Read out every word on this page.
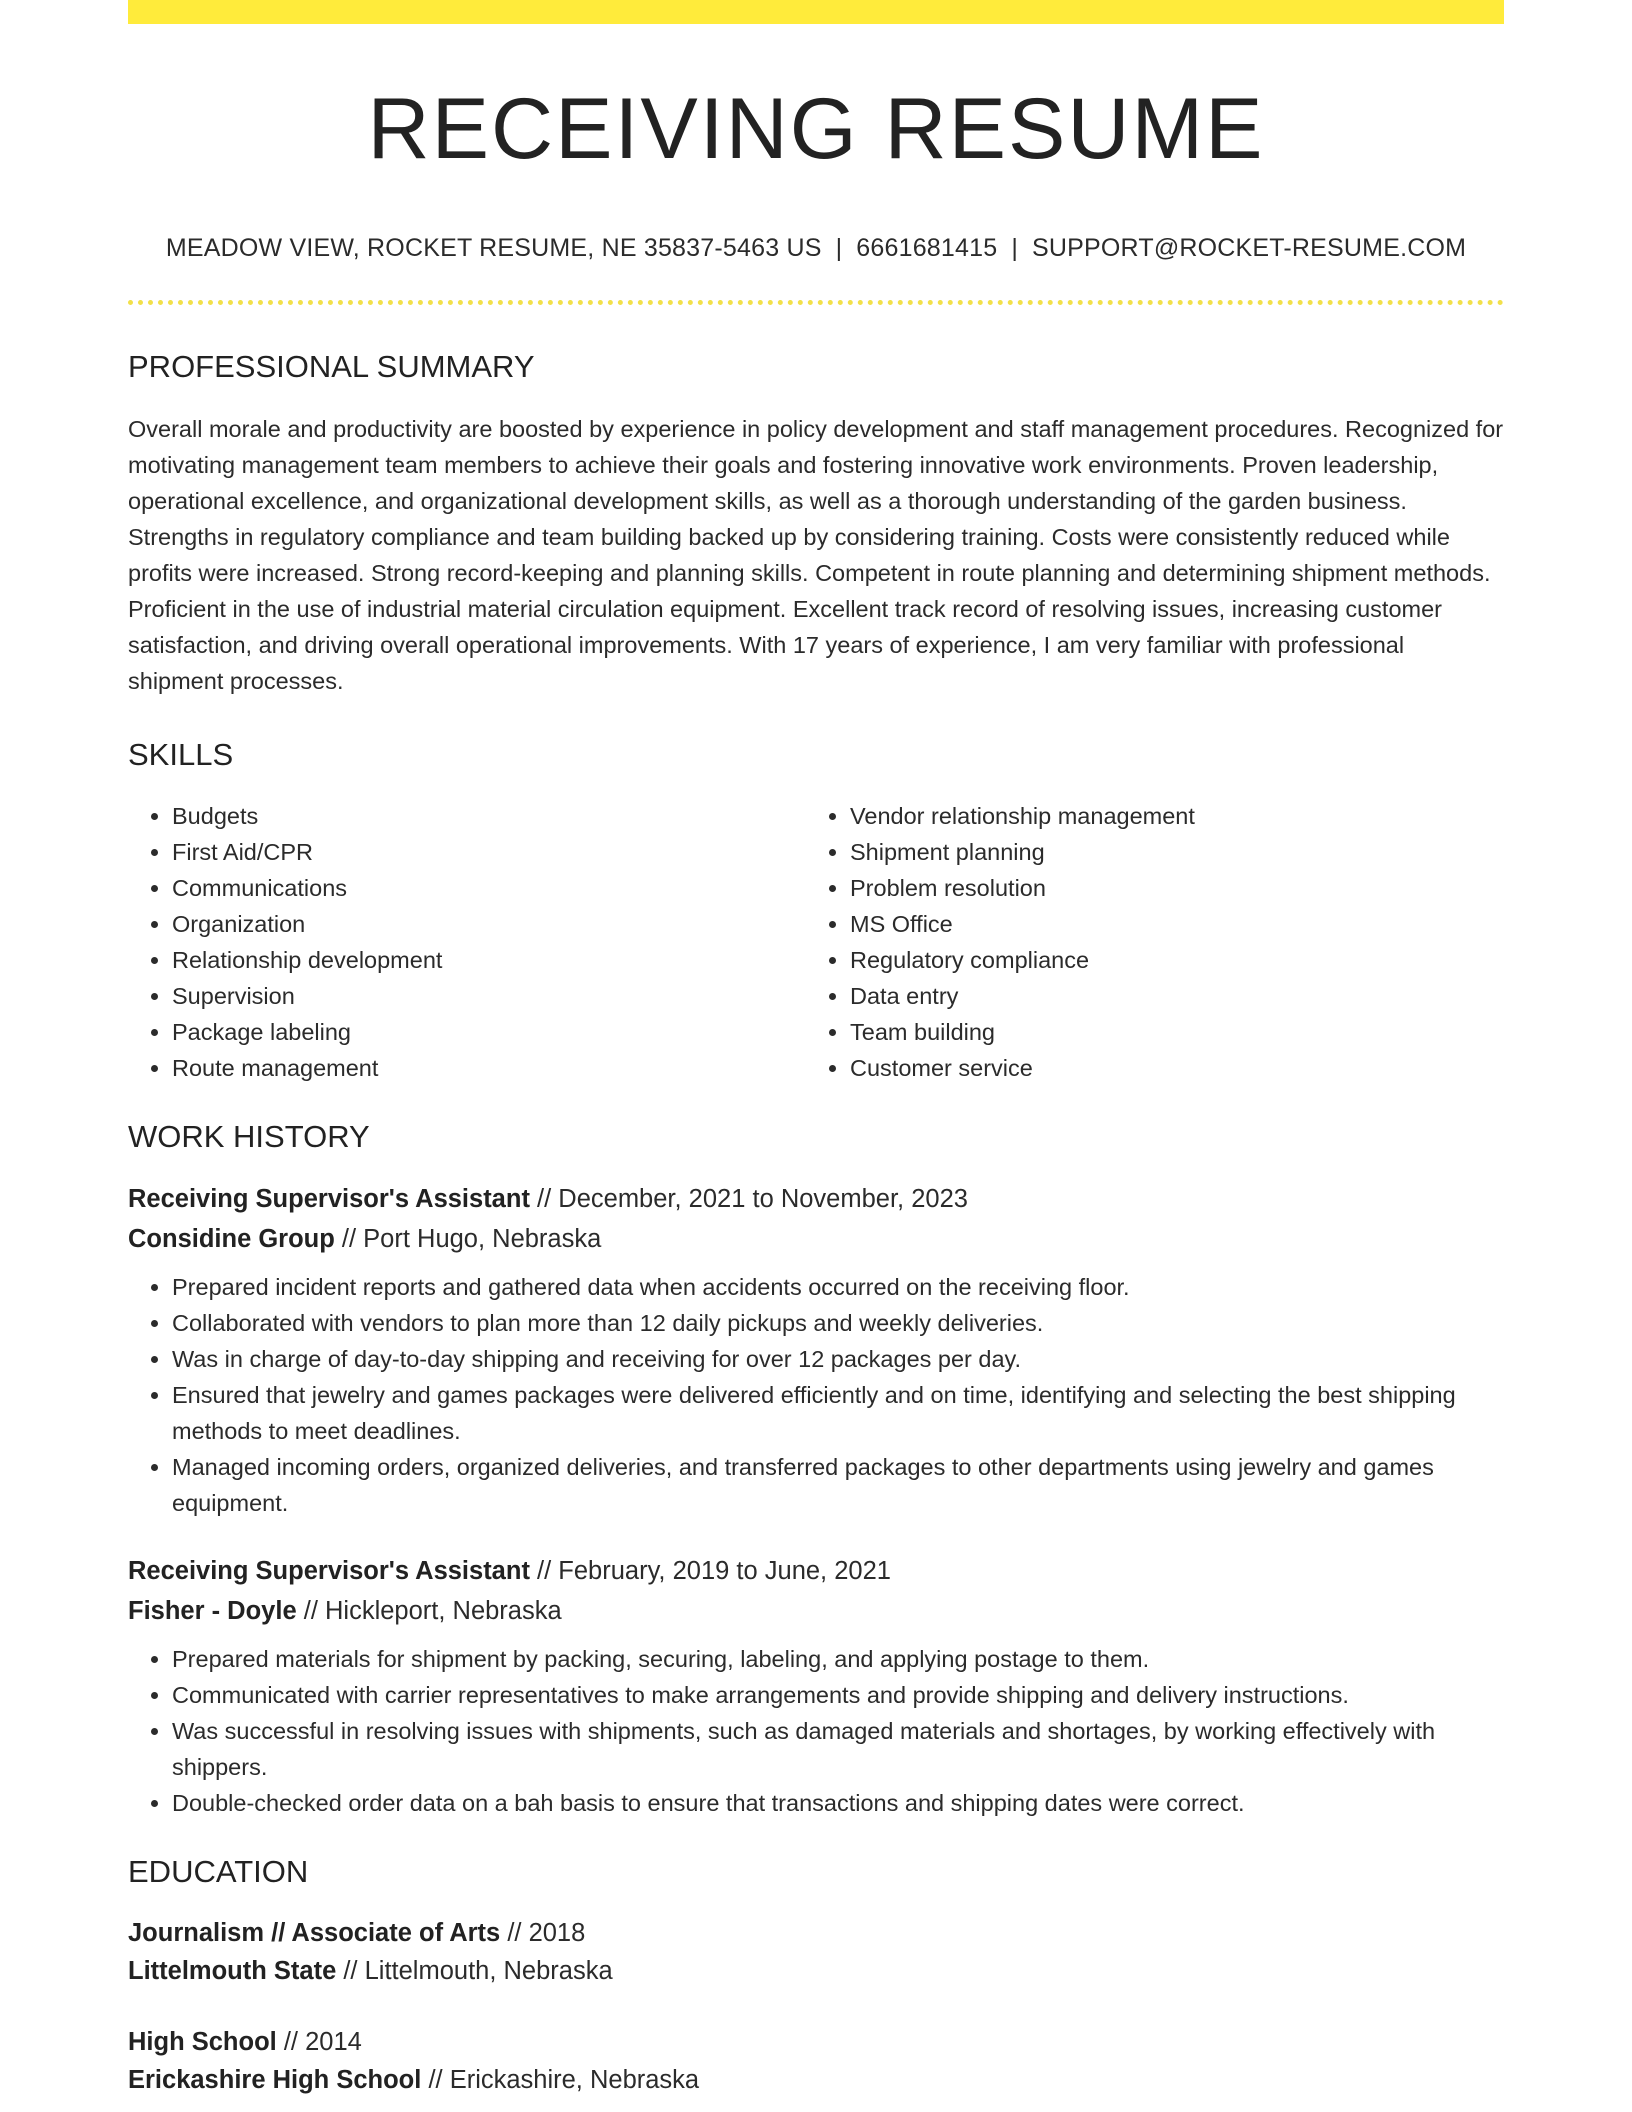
RECEIVING RESUME
MEADOW VIEW, ROCKET RESUME, NE 35837-5463 US | 6661681415 | SUPPORT@ROCKET-RESUME.COM
PROFESSIONAL SUMMARY

Overall morale and productivity are boosted by experience in policy development and staff management procedures. Recognized for motivating management team members to achieve their goals and fostering innovative work environments. Proven leadership, operational excellence, and organizational development skills, as well as a thorough understanding of the garden business. Strengths in regulatory compliance and team building backed up by considering training. Costs were consistently reduced while profits were increased. Strong record-keeping and planning skills. Competent in route planning and determining shipment methods. Proficient in the use of industrial material circulation equipment. Excellent track record of resolving issues, increasing customer satisfaction, and driving overall operational improvements. With 17 years of experience, I am very familiar with professional shipment processes.

SKILLS
• Budgets
• First Aid/CPR
• Communications
• Organization
• Relationship development
• Supervision
• Package labeling
• Route management
• Vendor relationship management
• Shipment planning
• Problem resolution
• MS Office
• Regulatory compliance
• Data entry
• Team building
• Customer service
WORK HISTORY
Receiving Supervisor's Assistant // December, 2021 to November, 2023
Considine Group // Port Hugo, Nebraska
• Prepared incident reports and gathered data when accidents occurred on the receiving floor.
• Collaborated with vendors to plan more than 12 daily pickups and weekly deliveries.
• Was in charge of day-to-day shipping and receiving for over 12 packages per day.
• Ensured that jewelry and games packages were delivered efficiently and on time, identifying and selecting the best shipping methods to meet deadlines.
• Managed incoming orders, organized deliveries, and transferred packages to other departments using jewelry and games equipment.
Receiving Supervisor's Assistant // February, 2019 to June, 2021
Fisher - Doyle // Hickleport, Nebraska
• Prepared materials for shipment by packing, securing, labeling, and applying postage to them.
• Communicated with carrier representatives to make arrangements and provide shipping and delivery instructions.
• Was successful in resolving issues with shipments, such as damaged materials and shortages, by working effectively with shippers.
• Double-checked order data on a bah basis to ensure that transactions and shipping dates were correct.
EDUCATION
Journalism // Associate of Arts // 2018
Littelmouth State // Littelmouth, Nebraska
High School // 2014
Erickashire High School // Erickashire, Nebraska
